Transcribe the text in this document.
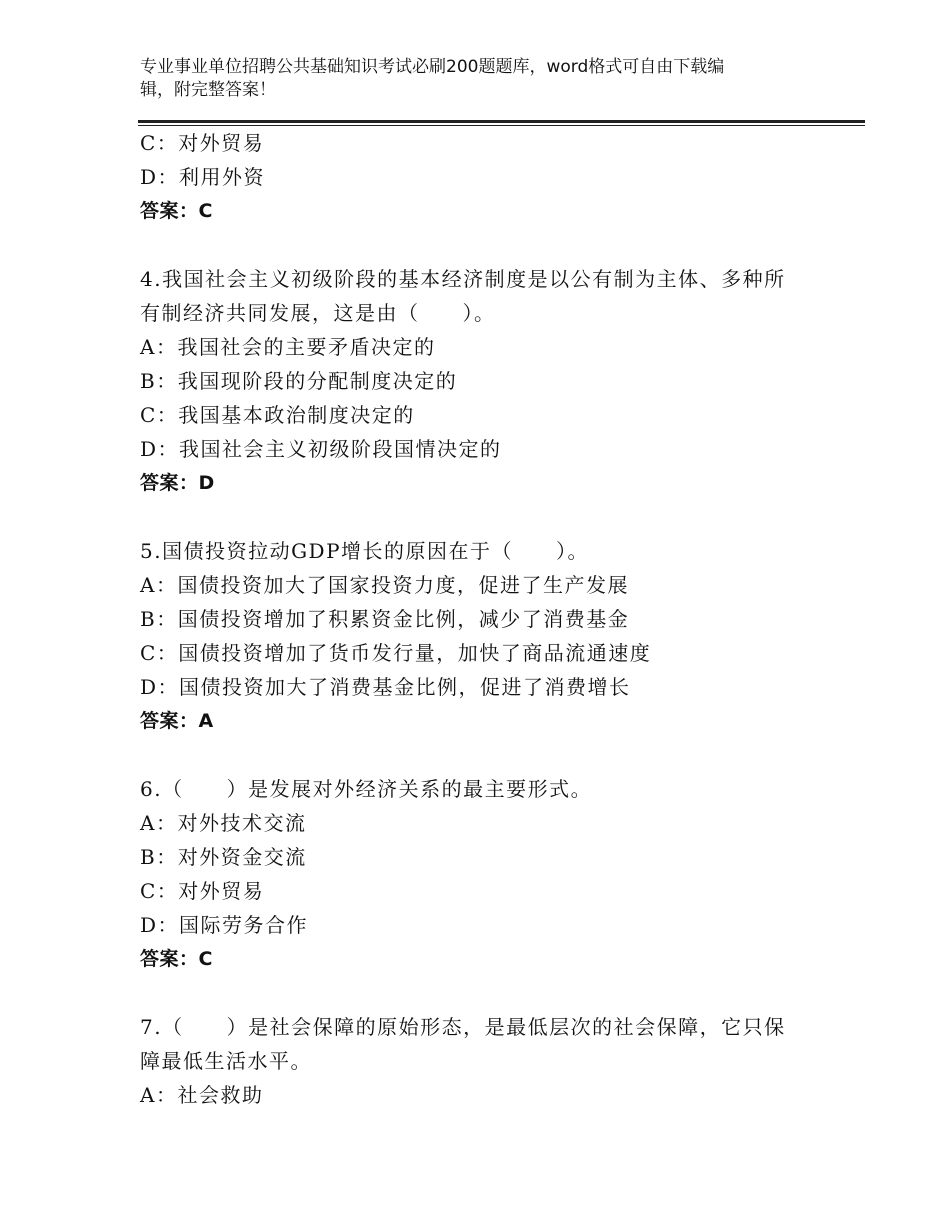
专业事业单位招聘公共基础知识考试必刷200题题库，word格式可自由下载编
辑，附完整答案！
C：对外贸易
D：利用外资
答案：C
4.我国社会主义初级阶段的基本经济制度是以公有制为主体、多种所
有制经济共同发展，这是由（　　）。
A：我国社会的主要矛盾决定的
B：我国现阶段的分配制度决定的
C：我国基本政治制度决定的
D：我国社会主义初级阶段国情决定的
答案：D
5.国债投资拉动GDP增长的原因在于（　　）。
A：国债投资加大了国家投资力度，促进了生产发展
B：国债投资增加了积累资金比例，减少了消费基金
C：国债投资增加了货币发行量，加快了商品流通速度
D：国债投资加大了消费基金比例，促进了消费增长
答案：A
6.（　　）是发展对外经济关系的最主要形式。
A：对外技术交流
B：对外资金交流
C：对外贸易
D：国际劳务合作
答案：C
7.（　　）是社会保障的原始形态，是最低层次的社会保障，它只保
障最低生活水平。
A：社会救助
